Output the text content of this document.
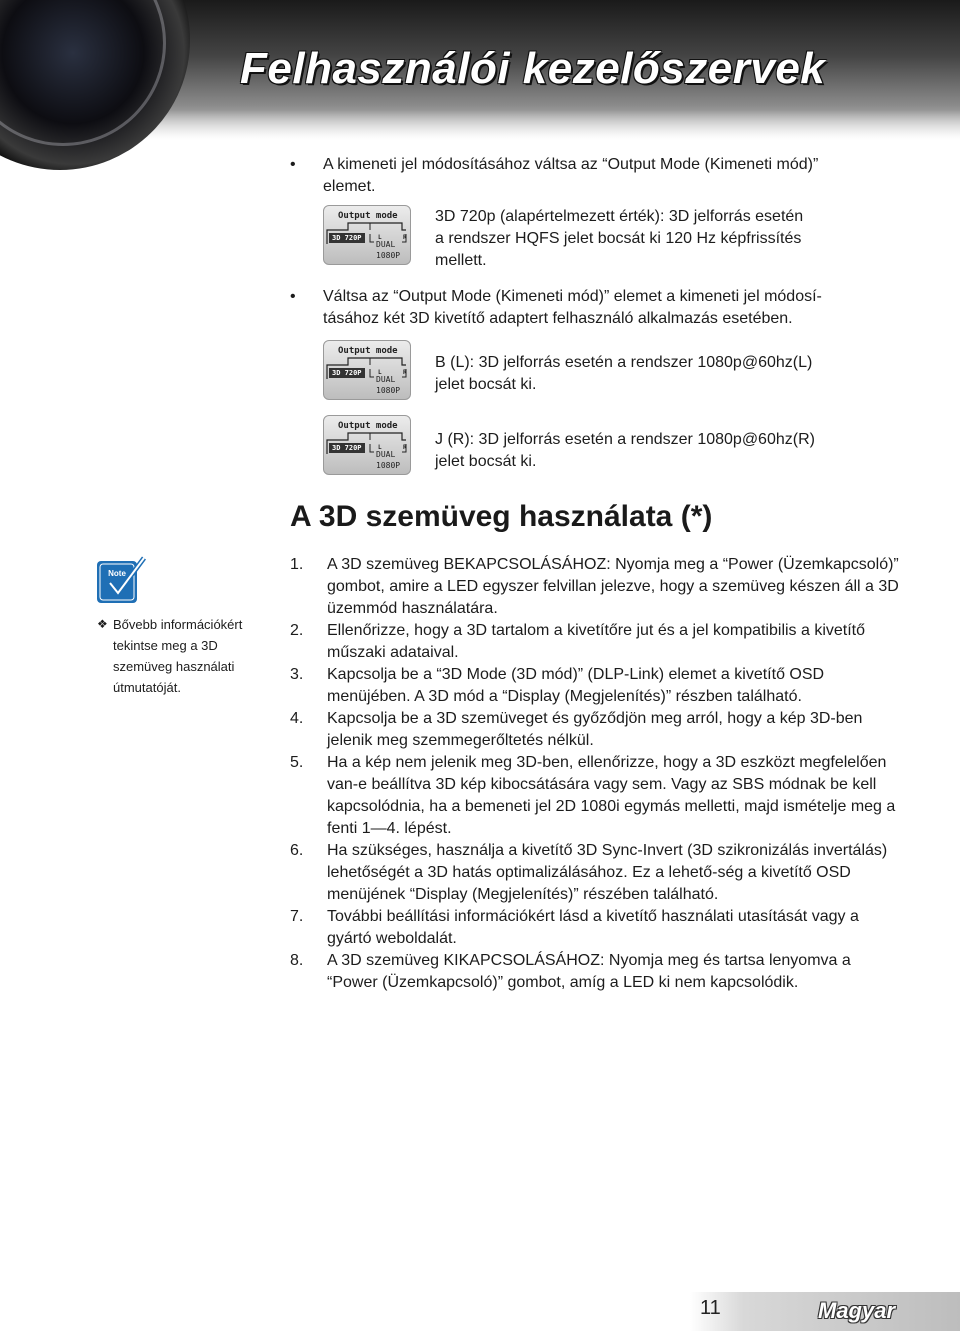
Felhasználói kezelőszervek
• A kimeneti jel módosításához váltsa az “Output Mode (Kimeneti mód)”
elemet.
Output mode
3D 720P	L	R
DUAL
1080P
3D 720p (alapértelmezett érték): 3D jelforrás esetén
a rendszer HQFS jelet bocsát ki 120 Hz képfrissítés
mellett.
• Váltsa az “Output Mode (Kimeneti mód)” elemet a kimeneti jel módosí-
tásához két 3D kivetítő adaptert felhasználó alkalmazás esetében.
Output mode
3D 720P	L	R
DUAL
1080P
B (L): 3D jelforrás esetén a rendszer 1080p@60hz(L)
jelet bocsát ki.
Output mode
3D 720P	L	R
DUAL
1080P
J (R): 3D jelforrás esetén a rendszer 1080p@60hz(R)
jelet bocsát ki.
A 3D szemüveg használata (*)
Note
❖ Bővebb információkért tekintse meg a 3D szemüveg használati útmutatóját.
1. A 3D szemüveg BEKAPCSOLÁSÁHOZ: Nyomja meg a “Power (Üzemkapcsoló)” gombot, amire a LED egyszer felvillan jelezve, hogy a szemüveg készen áll a 3D üzemmód használatára.
2. Ellenőrizze, hogy a 3D tartalom a kivetítőre jut és a jel kompatibilis a kivetítő műszaki adataival.
3. Kapcsolja be a “3D Mode (3D mód)” (DLP-Link) elemet a kivetítő OSD menüjében. A 3D mód a “Display (Megjelenítés)” részben található.
4. Kapcsolja be a 3D szemüveget és győződjön meg arról, hogy a kép 3D-ben jelenik meg szemmegerőltetés nélkül.
5. Ha a kép nem jelenik meg 3D-ben, ellenőrizze, hogy a 3D eszközt megfelelően van-e beállítva 3D kép kibocsátására vagy sem. Vagy az SBS módnak be kell kapcsolódnia, ha a bemeneti jel 2D 1080i egymás melletti, majd ismételje meg a fenti 1—4. lépést.
6. Ha szükséges, használja a kivetítő 3D Sync-Invert (3D szikronizálás invertálás) lehetőségét a 3D hatás optimalizálásához. Ez a lehető-ség a kivetítő OSD menüjének “Display (Megjelenítés)” részében található.
7. További beállítási információkért lásd a kivetítő használati utasítását vagy a gyártó weboldalát.
8. A 3D szemüveg KIKAPCSOLÁSÁHOZ: Nyomja meg és tartsa lenyomva a “Power (Üzemkapcsoló)” gombot, amíg a LED ki nem kapcsolódik.
11	Magyar
